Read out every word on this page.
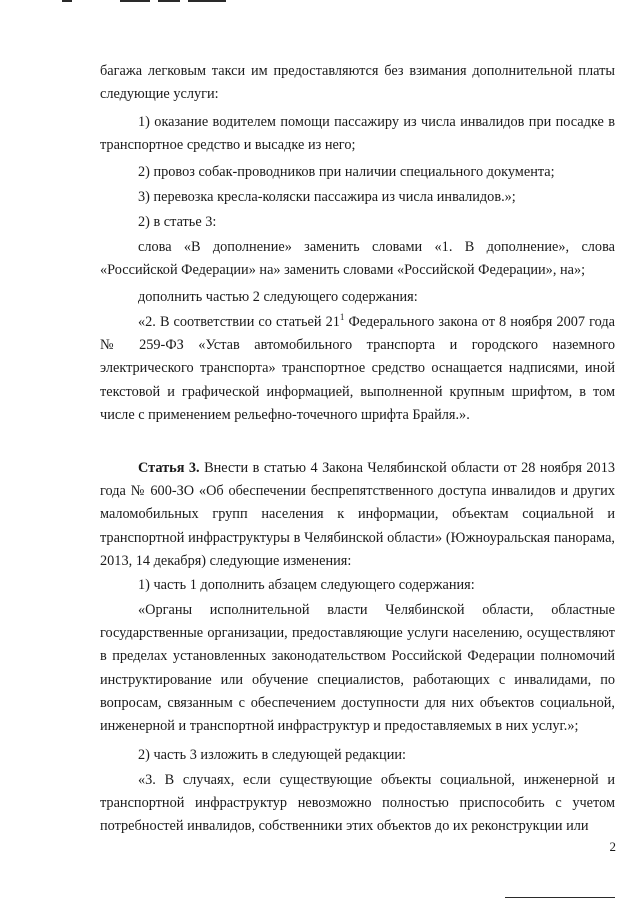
багажа легковым такси им предоставляются без взимания дополнительной платы следующие услуги:

1) оказание водителем помощи пассажиру из числа инвалидов при посадке в транспортное средство и высадке из него;

2) провоз собак-проводников при наличии специального документа;

3) перевозка кресла-коляски пассажира из числа инвалидов.»;

2) в статье 3:

слова «В дополнение» заменить словами «1. В дополнение», слова «Российской Федерации» на» заменить словами «Российской Федерации», на»;

дополнить частью 2 следующего содержания:

«2. В соответствии со статьей $21^1$ Федерального закона от 8 ноября 2007 года № 259-ФЗ «Устав автомобильного транспорта и городского наземного электрического транспорта» транспортное средство оснащается надписями, иной текстовой и графической информацией, выполненной крупным шрифтом, в том числе с применением рельефно-точечного шрифта Брайля.».

Статья 3. Внести в статью 4 Закона Челябинской области от 28 ноября 2013 года № 600-ЗО «Об обеспечении беспрепятственного доступа инвалидов и других маломобильных групп населения к информации, объектам социальной и транспортной инфраструктуры в Челябинской области» (Южноуральская панорама, 2013, 14 декабря) следующие изменения:

1) часть 1 дополнить абзацем следующего содержания:

«Органы исполнительной власти Челябинской области, областные государственные организации, предоставляющие услуги населению, осуществляют в пределах установленных законодательством Российской Федерации полномочий инструктирование или обучение специалистов, работающих с инвалидами, по вопросам, связанным с обеспечением доступности для них объектов социальной, инженерной и транспортной инфраструктур и предоставляемых в них услуг.»;

2) часть 3 изложить в следующей редакции:

«3. В случаях, если существующие объекты социальной, инженерной и транспортной инфраструктур невозможно полностью приспособить с учетом потребностей инвалидов, собственники этих объектов до их реконструкции или

2
